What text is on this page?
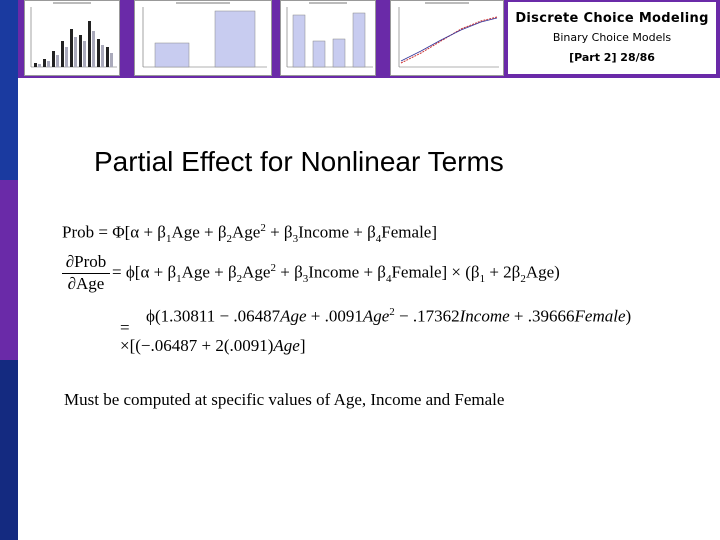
Discrete Choice Modeling
Binary Choice Models
[Part 2] 28/86
Partial Effect for Nonlinear Terms
Prob = $\Phi[\alpha + \beta_1Age + \beta_2Age^2$ + $\beta_3Income$ + $\beta_4Female$]
∂Prob
∂Age
= $\phi[\alpha + \beta_1Age + \beta_2Age^2$ + $\beta_3Income$ + $\beta_4Female] \times (\beta_1 + 2\beta_2Age)$
=
ϕ(1.30811 − .06487Age + .0091Age$^2$ − .17362Income + .39666Female)
×[(−.06487 + 2(.0091)Age]
Must be computed at specific values of Age, Income and Female
